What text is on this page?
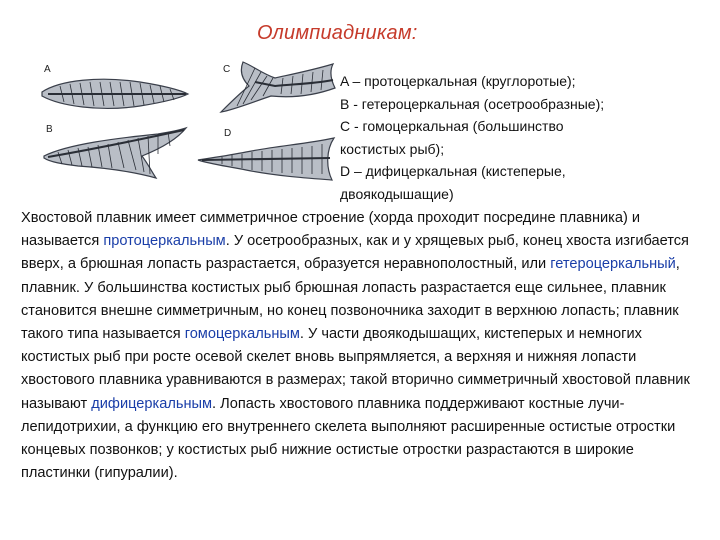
Олимпиадникам:
A
B
C
D
A – протоцеркальная (круглоротые);
В - гетероцеркальная (осетрообразные);
С - гомоцеркальная (большинство
костистых рыб);
D – дифицеркальная (кистеперые,
двоякодышащие)
Хвостовой плавник имеет симметричное строение (хорда проходит посредине плавника) и называется протоцеркальным. У осетрообразных, как и у хрящевых рыб, конец хвоста изгибается вверх, а брюшная лопасть разрастается, образуется неравнополостный, или гетероцеркальный, плавник. У большинства костистых рыб брюшная лопасть разрастается еще сильнее, плавник становится внешне симметричным, но конец позвоночника заходит в верхнюю лопасть; плавник такого типа называется гомоцеркальным. У части двоякодышащих, кистеперых и немногих костистых рыб при росте осевой скелет вновь выпрямляется, а верхняя и нижняя лопасти хвостового плавника уравниваются в размерах; такой вторично симметричный хвостовой плавник называют дифицеркальным. Лопасть хвостового плавника поддерживают костные лучи-лепидотрихии, а функцию его внутреннего скелета выполняют расширенные остистые отростки концевых позвонков; у костистых рыб нижние остистые отростки разрастаются в широкие пластинки (гипуралии).
